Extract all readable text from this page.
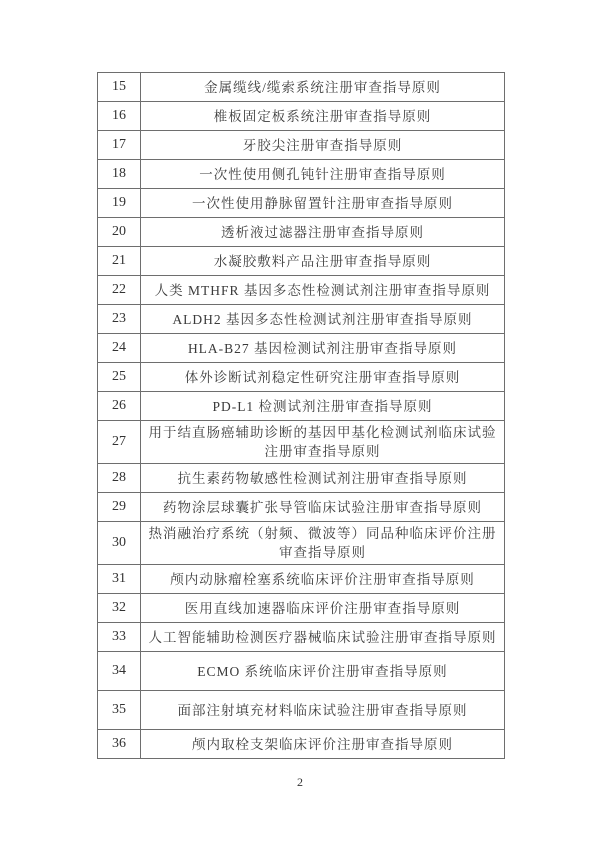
15	金属缆线/缆索系统注册审查指导原则
16	椎板固定板系统注册审查指导原则
17	牙胶尖注册审查指导原则
18	一次性使用侧孔钝针注册审查指导原则
19	一次性使用静脉留置针注册审查指导原则
20	透析液过滤器注册审查指导原则
21	水凝胶敷料产品注册审查指导原则
22	人类 MTHFR 基因多态性检测试剂注册审查指导原则
23	ALDH2 基因多态性检测试剂注册审查指导原则
24	HLA-B27 基因检测试剂注册审查指导原则
25	体外诊断试剂稳定性研究注册审查指导原则
26	PD-L1 检测试剂注册审查指导原则
27	用于结直肠癌辅助诊断的基因甲基化检测试剂临床试验注册审查指导原则
28	抗生素药物敏感性检测试剂注册审查指导原则
29	药物涂层球囊扩张导管临床试验注册审查指导原则
30	热消融治疗系统（射频、微波等）同品种临床评价注册审查指导原则
31	颅内动脉瘤栓塞系统临床评价注册审查指导原则
32	医用直线加速器临床评价注册审查指导原则
33	人工智能辅助检测医疗器械临床试验注册审查指导原则
34	ECMO 系统临床评价注册审查指导原则
35	面部注射填充材料临床试验注册审查指导原则
36	颅内取栓支架临床评价注册审查指导原则
2
